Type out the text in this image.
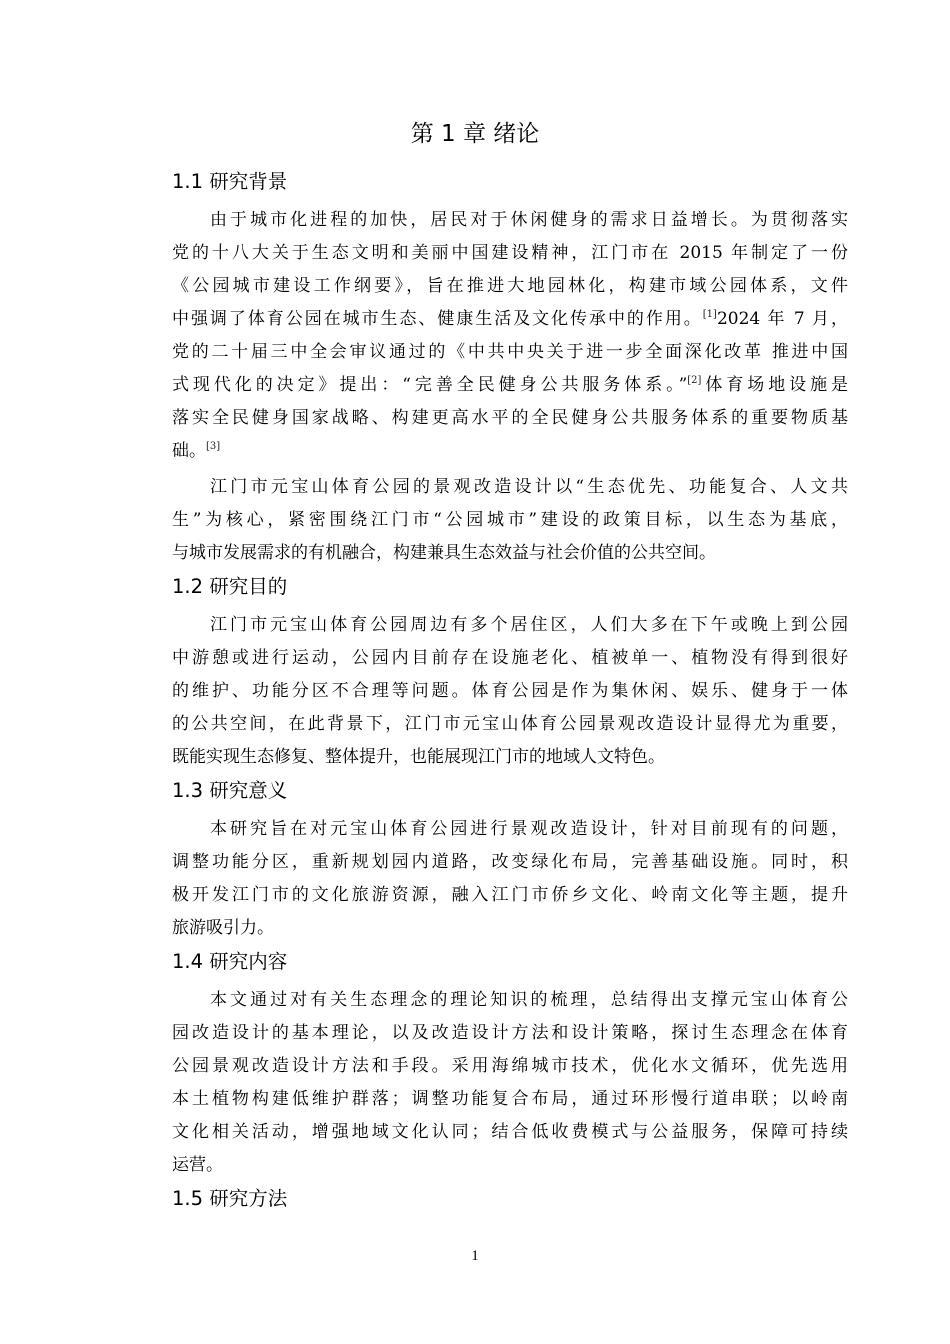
第 1 章 绪论
1.1 研究背景
由于城市化进程的加快，居民对于休闲健身的需求日益增长。为贯彻落实
党的十八大关于生态文明和美丽中国建设精神，江门市在 2015 年制定了一份
《公园城市建设工作纲要》，旨在推进大地园林化，构建市域公园体系，文件
中强调了体育公园在城市生态、健康生活及文化传承中的作用。[1]2024 年 7 月，
党的二十届三中全会审议通过的《中共中央关于进一步全面深化改革 推进中国
式现代化的决定》提出：“完善全民健身公共服务体系。”[2]体育场地设施是
落实全民健身国家战略、构建更高水平的全民健身公共服务体系的重要物质基
础。[3]
江门市元宝山体育公园的景观改造设计以“生态优先、功能复合、人文共
生”为核心，紧密围绕江门市“公园城市”建设的政策目标，以生态为基底，
与城市发展需求的有机融合，构建兼具生态效益与社会价值的公共空间。
1.2 研究目的
江门市元宝山体育公园周边有多个居住区，人们大多在下午或晚上到公园
中游憩或进行运动，公园内目前存在设施老化、植被单一、植物没有得到很好
的维护、功能分区不合理等问题。体育公园是作为集休闲、娱乐、健身于一体
的公共空间，在此背景下，江门市元宝山体育公园景观改造设计显得尤为重要，
既能实现生态修复、整体提升，也能展现江门市的地域人文特色。
1.3 研究意义
本研究旨在对元宝山体育公园进行景观改造设计，针对目前现有的问题，
调整功能分区，重新规划园内道路，改变绿化布局，完善基础设施。同时，积
极开发江门市的文化旅游资源，融入江门市侨乡文化、岭南文化等主题，提升
旅游吸引力。
1.4 研究内容
本文通过对有关生态理念的理论知识的梳理，总结得出支撑元宝山体育公
园改造设计的基本理论，以及改造设计方法和设计策略，探讨生态理念在体育
公园景观改造设计方法和手段。采用海绵城市技术，优化水文循环，优先选用
本土植物构建低维护群落；调整功能复合布局，通过环形慢行道串联；以岭南
文化相关活动，增强地域文化认同；结合低收费模式与公益服务，保障可持续
运营。
1.5 研究方法
1
